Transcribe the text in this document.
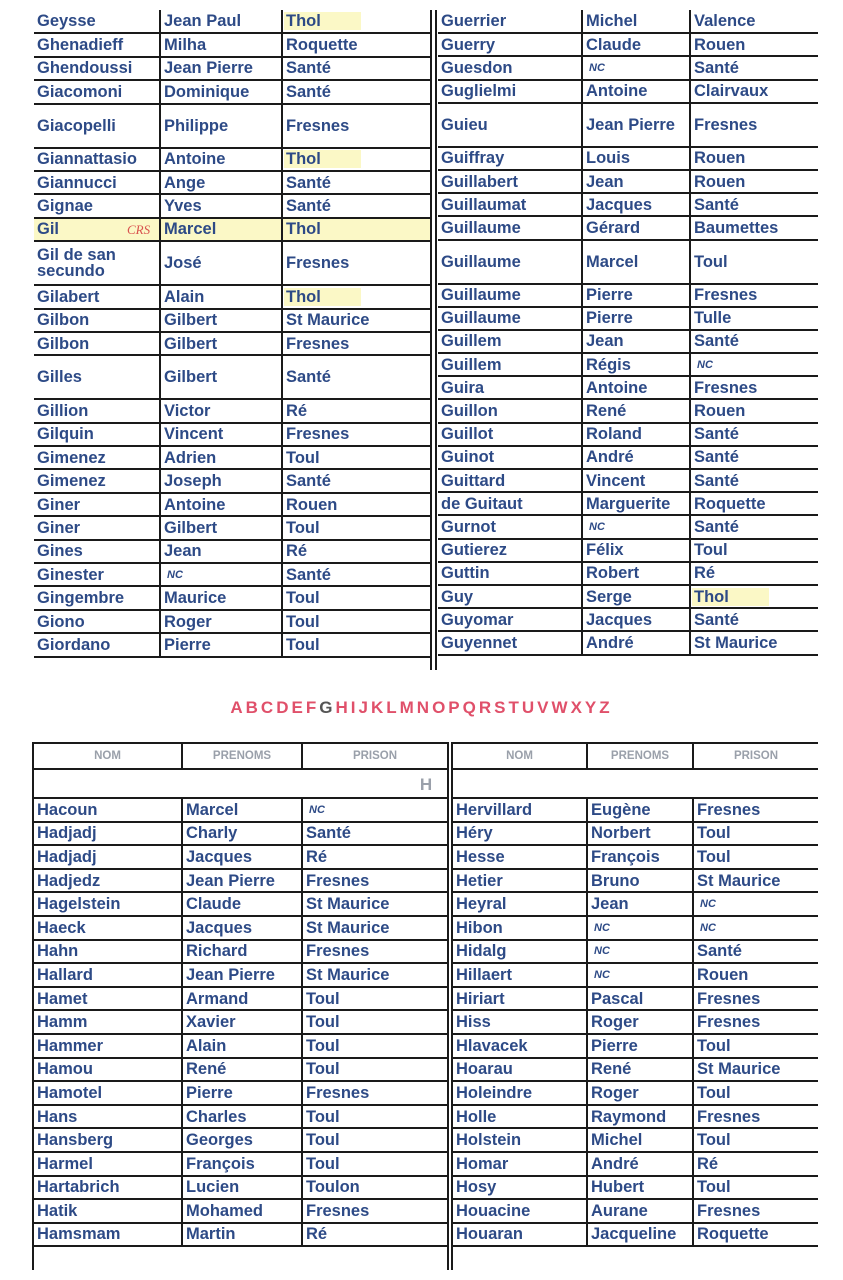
Geysse	Jean Paul	Thol
Ghenadieff	Milha	Roquette
Ghendoussi	Jean Pierre	Santé
Giacomoni	Dominique	Santé
Giacopelli	Philippe	Fresnes
Giannattasio	Antoine	Thol
Giannucci	Ange	Santé
Gignae	Yves	Santé
Gil CRS	Marcel	Thol
Gil de san secundo	José	Fresnes
Gilabert	Alain	Thol
Gilbon	Gilbert	St Maurice
Gilbon	Gilbert	Fresnes
Gilles	Gilbert	Santé
Gillion	Victor	Ré
Gilquin	Vincent	Fresnes
Gimenez	Adrien	Toul
Gimenez	Joseph	Santé
Giner	Antoine	Rouen
Giner	Gilbert	Toul
Gines	Jean	Ré
Ginester	NC	Santé
Gingembre	Maurice	Toul
Giono	Roger	Toul
Giordano	Pierre	Toul
Guerrier	Michel	Valence
Guerry	Claude	Rouen
Guesdon	NC	Santé
Guglielmi	Antoine	Clairvaux
Guieu	Jean Pierre	Fresnes
Guiffray	Louis	Rouen
Guillabert	Jean	Rouen
Guillaumat	Jacques	Santé
Guillaume	Gérard	Baumettes
Guillaume	Marcel	Toul
Guillaume	Pierre	Fresnes
Guillaume	Pierre	Tulle
Guillem	Jean	Santé
Guillem	Régis	NC
Guira	Antoine	Fresnes
Guillon	René	Rouen
Guillot	Roland	Santé
Guinot	André	Santé
Guittard	Vincent	Santé
de Guitaut	Marguerite	Roquette
Gurnot	NC	Santé
Gutierez	Félix	Toul
Guttin	Robert	Ré
Guy	Serge	Thol
Guyomar	Jacques	Santé
Guyennet	André	St Maurice
ABCDEFGHIJKLMNOPQRSTUVWXYZ
NOM	PRENOMS	PRISON

Hacoun	Marcel	NC
Hadjadj	Charly	Santé
Hadjadj	Jacques	Ré
Hadjedz	Jean Pierre	Fresnes
Hagelstein	Claude	St Maurice
Haeck	Jacques	St Maurice
Hahn	Richard	Fresnes
Hallard	Jean Pierre	St Maurice
Hamet	Armand	Toul
Hamm	Xavier	Toul
Hammer	Alain	Toul
Hamou	René	Toul
Hamotel	Pierre	Fresnes
Hans	Charles	Toul
Hansberg	Georges	Toul
Harmel	François	Toul
Hartabrich	Lucien	Toulon
Hatik	Mohamed	Fresnes
Hamsmam	Martin	Ré
NOM	PRENOMS	PRISON

Hervillard	Eugène	Fresnes
Héry	Norbert	Toul
Hesse	François	Toul
Hetier	Bruno	St Maurice
Heyral	Jean	NC
Hibon	NC	NC
Hidalg	NC	Santé
Hillaert	NC	Rouen
Hiriart	Pascal	Fresnes
Hiss	Roger	Fresnes
Hlavacek	Pierre	Toul
Hoarau	René	St Maurice
Holeindre	Roger	Toul
Holle	Raymond	Fresnes
Holstein	Michel	Toul
Homar	André	Ré
Hosy	Hubert	Toul
Houacine	Aurane	Fresnes
Houaran	Jacqueline	Roquette
H
